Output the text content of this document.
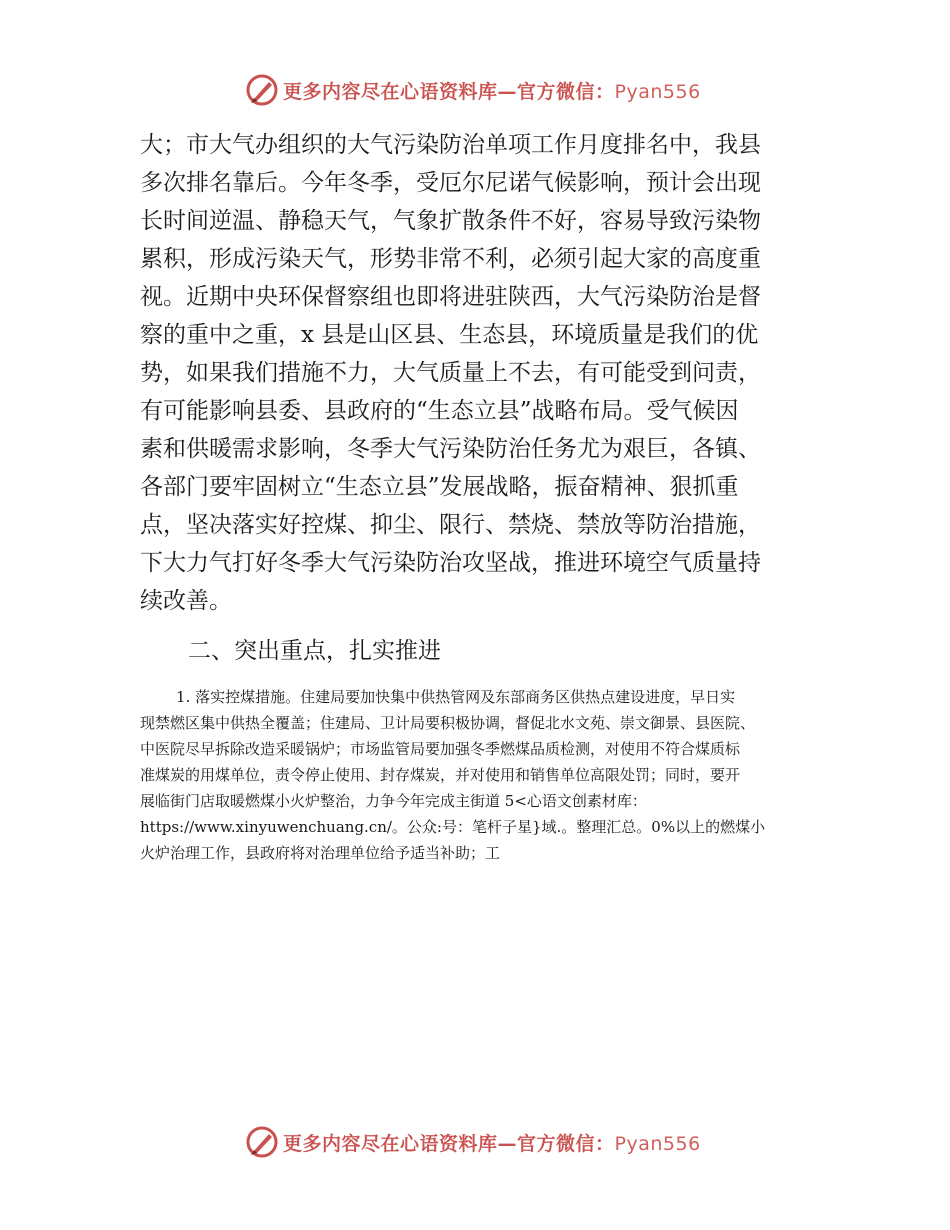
更多内容尽在心语资料库—官方微信：Pyan556

大；市大气办组织的大气污染防治单项工作月度排名中，我县

多次排名靠后。今年冬季，受厄尔尼诺气候影响，预计会出现

长时间逆温、静稳天气，气象扩散条件不好，容易导致污染物

累积，形成污染天气，形势非常不利，必须引起大家的高度重

视。近期中央环保督察组也即将进驻陕西，大气污染防治是督

察的重中之重，x 县是山区县、生态县，环境质量是我们的优

势，如果我们措施不力，大气质量上不去，有可能受到问责，

有可能影响县委、县政府的“生态立县”战略布局。受气候因

素和供暖需求影响，冬季大气污染防治任务尤为艰巨，各镇、

各部门要牢固树立“生态立县”发展战略，振奋精神、狠抓重

点，坚决落实好控煤、抑尘、限行、禁烧、禁放等防治措施，

下大力气打好冬季大气污染防治攻坚战，推进环境空气质量持

续改善。

二、突出重点，扎实推进

1. 落实控煤措施。住建局要加快集中供热管网及东部商务区供热点建设进度，早日实

现禁燃区集中供热全覆盖；住建局、卫计局要积极协调，督促北水文苑、崇文御景、县医院、

中医院尽早拆除改造采暖锅炉；市场监管局要加强冬季燃煤品质检测，对使用不符合煤质标

准煤炭的用煤单位，责令停止使用、封存煤炭，并对使用和销售单位高限处罚；同时，要开

展临街门店取暖燃煤小火炉整治，力争今年完成主街道 5<心语文创素材库：

https://www.xinyuwenchuang.cn/。公众:号：笔杆子星}域.。整理汇总。0%以上的燃煤小

火炉治理工作，县政府将对治理单位给予适当补助；工

更多内容尽在心语资料库—官方微信：Pyan556
